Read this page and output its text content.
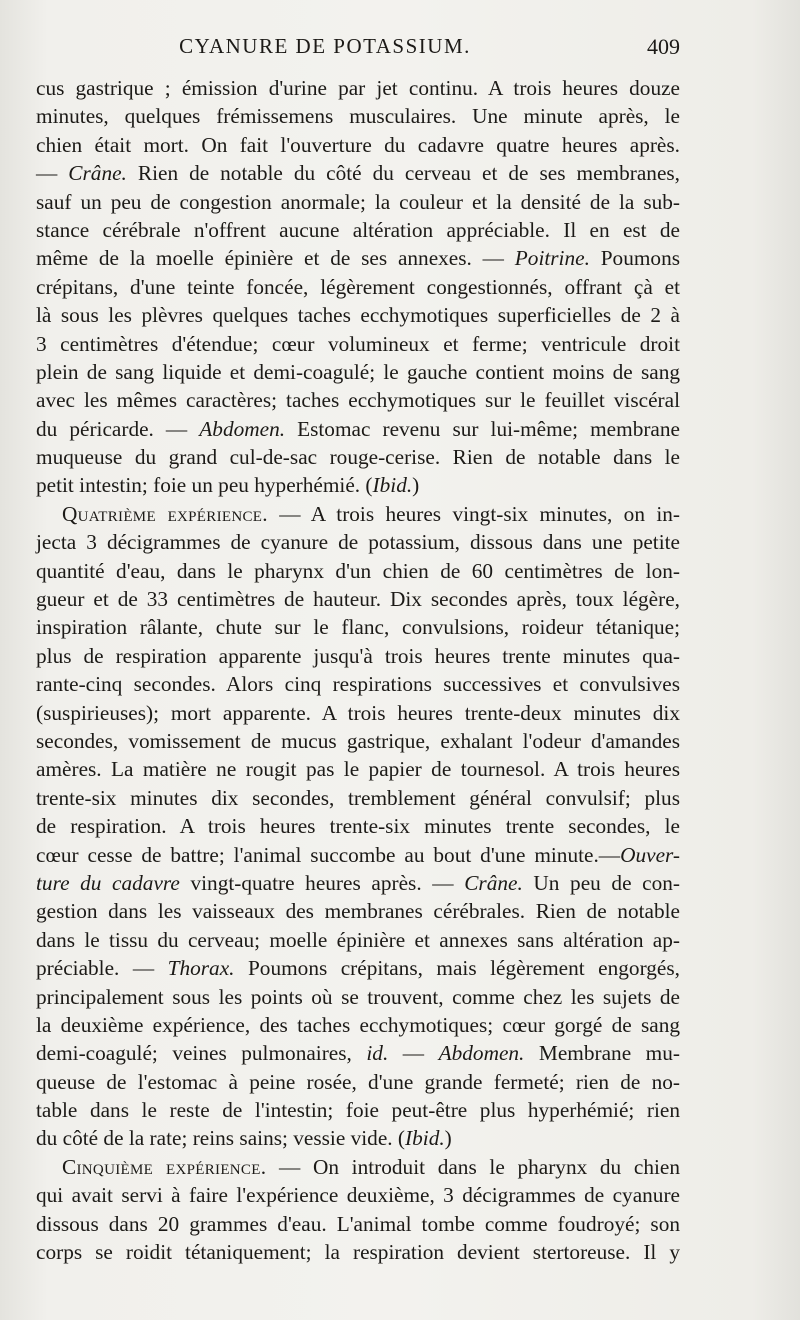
CYANURE DE POTASSIUM.	409
cus gastrique ; émission d'urine par jet continu. A trois heures douze
minutes, quelques frémissemens musculaires. Une minute après, le
chien était mort. On fait l'ouverture du cadavre quatre heures après.
— Crâne. Rien de notable du côté du cerveau et de ses membranes,
sauf un peu de congestion anormale; la couleur et la densité de la sub-
stance cérébrale n'offrent aucune altération appréciable. Il en est de
même de la moelle épinière et de ses annexes. — Poitrine. Poumons
crépitans, d'une teinte foncée, légèrement congestionnés, offrant çà et
là sous les plèvres quelques taches ecchymotiques superficielles de 2 à
3 centimètres d'étendue; cœur volumineux et ferme; ventricule droit
plein de sang liquide et demi-coagulé; le gauche contient moins de sang
avec les mêmes caractères; taches ecchymotiques sur le feuillet viscéral
du péricarde. — Abdomen. Estomac revenu sur lui-même; membrane
muqueuse du grand cul-de-sac rouge-cerise. Rien de notable dans le
petit intestin; foie un peu hyperhémié. (Ibid.)
Quatrième expérience. — A trois heures vingt-six minutes, on in-
jecta 3 décigrammes de cyanure de potassium, dissous dans une petite
quantité d'eau, dans le pharynx d'un chien de 60 centimètres de lon-
gueur et de 33 centimètres de hauteur. Dix secondes après, toux légère,
inspiration râlante, chute sur le flanc, convulsions, roideur tétanique;
plus de respiration apparente jusqu'à trois heures trente minutes qua-
rante-cinq secondes. Alors cinq respirations successives et convulsives
(suspirieuses); mort apparente. A trois heures trente-deux minutes dix
secondes, vomissement de mucus gastrique, exhalant l'odeur d'amandes
amères. La matière ne rougit pas le papier de tournesol. A trois heures
trente-six minutes dix secondes, tremblement général convulsif; plus
de respiration. A trois heures trente-six minutes trente secondes, le
cœur cesse de battre; l'animal succombe au bout d'une minute.—Ouver-
ture du cadavre vingt-quatre heures après. — Crâne. Un peu de con-
gestion dans les vaisseaux des membranes cérébrales. Rien de notable
dans le tissu du cerveau; moelle épinière et annexes sans altération ap-
préciable. — Thorax. Poumons crépitans, mais légèrement engorgés,
principalement sous les points où se trouvent, comme chez les sujets de
la deuxième expérience, des taches ecchymotiques; cœur gorgé de sang
demi-coagulé; veines pulmonaires, id. — Abdomen. Membrane mu-
queuse de l'estomac à peine rosée, d'une grande fermeté; rien de no-
table dans le reste de l'intestin; foie peut-être plus hyperhémié; rien
du côté de la rate; reins sains; vessie vide. (Ibid.)
Cinquième expérience. — On introduit dans le pharynx du chien
qui avait servi à faire l'expérience deuxième, 3 décigrammes de cyanure
dissous dans 20 grammes d'eau. L'animal tombe comme foudroyé; son
corps se roidit tétaniquement; la respiration devient stertoreuse. Il y
